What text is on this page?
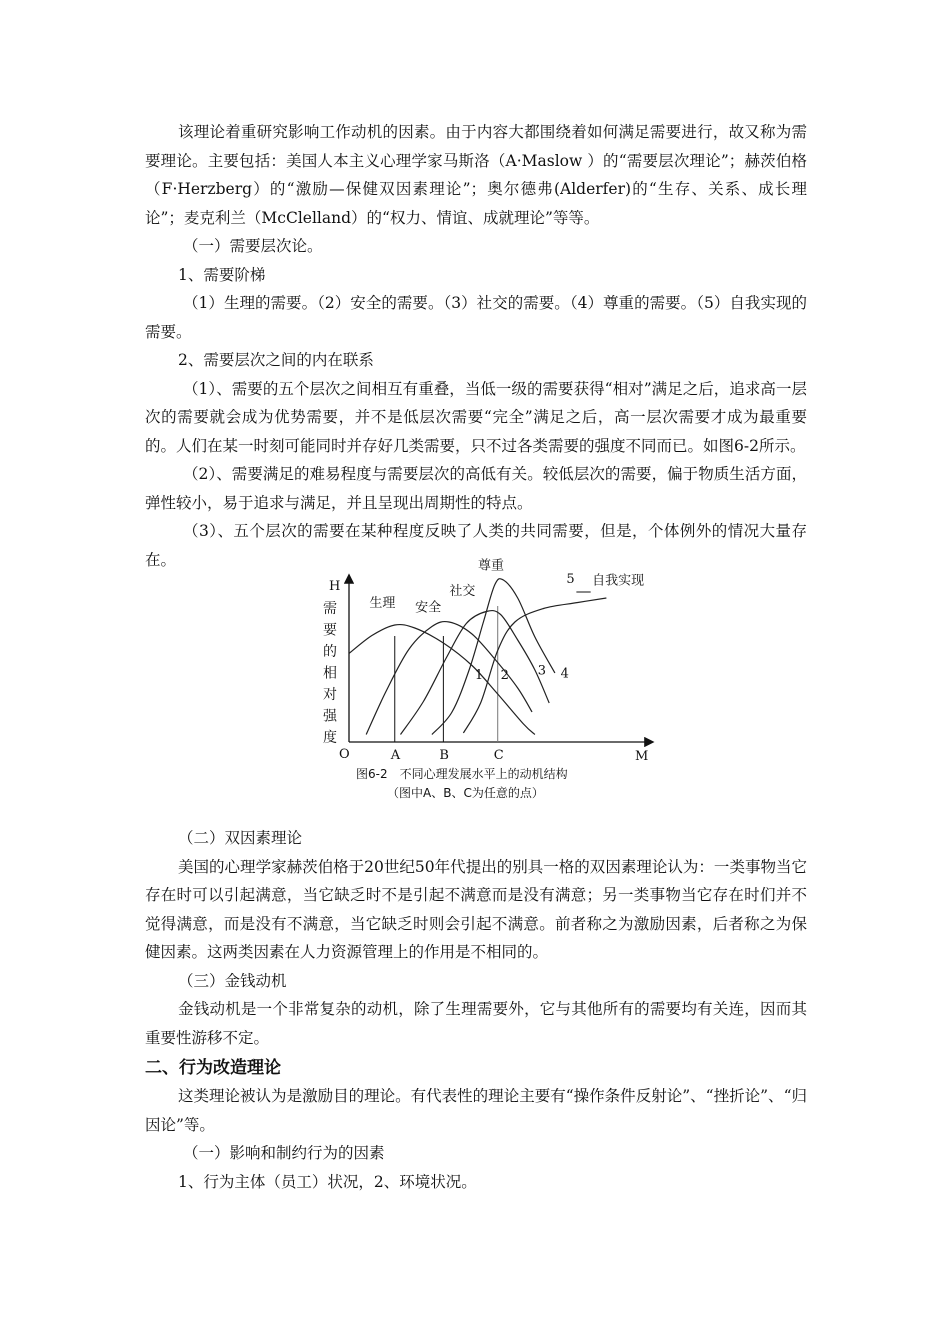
该理论着重研究影响工作动机的因素。由于内容大都围绕着如何满足需要进行，故又称为需要理论。主要包括：美国人本主义心理学家马斯洛（A·Maslow ）的“需要层次理论”；赫茨伯格（F·Herzberg）的“激励—保健双因素理论”；奥尔德弗(Alderfer)的“生存、关系、成长理论”；麦克利兰（McClelland）的“权力、情谊、成就理论”等等。

（一）需要层次论。

1、需要阶梯

（1）生理的需要。（2）安全的需要。（3）社交的需要。（4）尊重的需要。（5）自我实现的需要。

2、需要层次之间的内在联系

（1）、需要的五个层次之间相互有重叠，当低一级的需要获得“相对”满足之后，追求高一层次的需要就会成为优势需要，并不是低层次需要“完全”满足之后，高一层次需要才成为最重要的。人们在某一时刻可能同时并存好几类需要，只不过各类需要的强度不同而已。如图6-2所示。

（2）、需要满足的难易程度与需要层次的高低有关。较低层次的需要，偏于物质生活方面，弹性较小，易于追求与满足，并且呈现出周期性的特点。

（3）、五个层次的需要在某种程度反映了人类的共同需要，但是，个体例外的情况大量存在。

H
需
要
的
相
对
强
度
O	M
A	B	C
生理
1
安全
2
社交
3
尊重
4
自我实现
5
图6-2　不同心理发展水平上的动机结构
（图中A、B、C为任意的点）

（二）双因素理论

美国的心理学家赫茨伯格于20世纪50年代提出的别具一格的双因素理论认为：一类事物当它存在时可以引起满意，当它缺乏时不是引起不满意而是没有满意；另一类事物当它存在时们并不觉得满意，而是没有不满意，当它缺乏时则会引起不满意。前者称之为激励因素，后者称之为保健因素。这两类因素在人力资源管理上的作用是不相同的。

（三）金钱动机

金钱动机是一个非常复杂的动机，除了生理需要外，它与其他所有的需要均有关连，因而其重要性游移不定。

二、行为改造理论

这类理论被认为是激励目的理论。有代表性的理论主要有“操作条件反射论”、“挫折论”、“归因论”等。

（一）影响和制约行为的因素

1、行为主体（员工）状况，2、环境状况。
